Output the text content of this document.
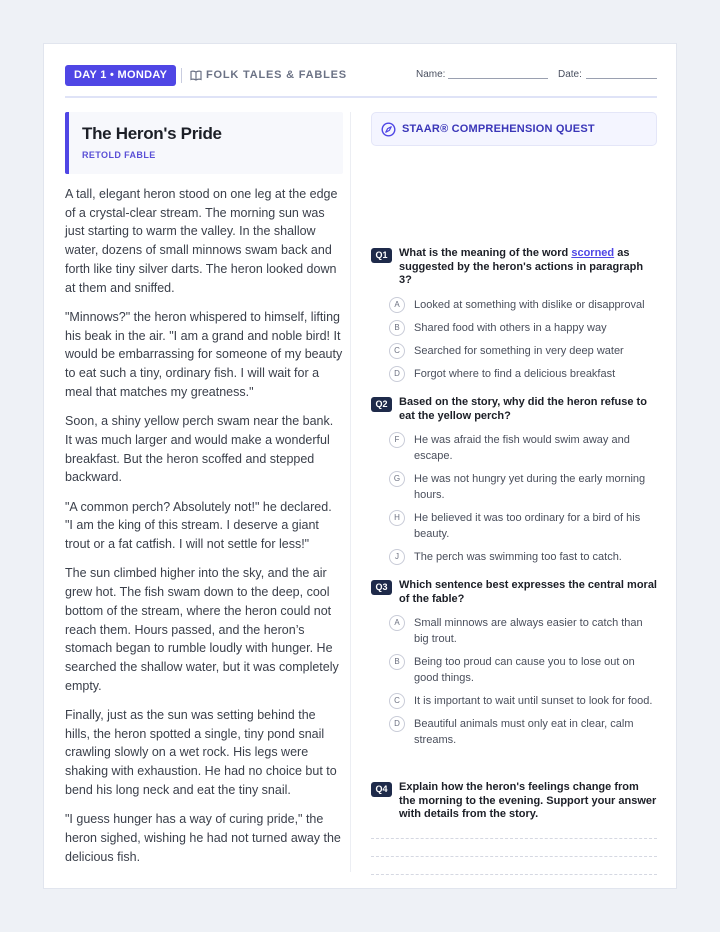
DAY 1 • MONDAY	FOLK TALES & FABLES	Name:	Date:
The Heron's Pride
RETOLD FABLE

A tall, elegant heron stood on one leg at the edge of a crystal-clear stream. The morning sun was just starting to warm the valley. In the shallow water, dozens of small minnows swam back and forth like tiny silver darts. The heron looked down at them and sniffed.

"Minnows?" the heron whispered to himself, lifting his beak in the air. "I am a grand and noble bird! It would be embarrassing for someone of my beauty to eat such a tiny, ordinary fish. I will wait for a meal that matches my greatness."

Soon, a shiny yellow perch swam near the bank. It was much larger and would make a wonderful breakfast. But the heron scoffed and stepped backward.

"A common perch? Absolutely not!" he declared. "I am the king of this stream. I deserve a giant trout or a fat catfish. I will not settle for less!"

The sun climbed higher into the sky, and the air grew hot. The fish swam down to the deep, cool bottom of the stream, where the heron could not reach them. Hours passed, and the heron’s stomach began to rumble loudly with hunger. He searched the shallow water, but it was completely empty.

Finally, just as the sun was setting behind the hills, the heron spotted a single, tiny pond snail crawling slowly on a wet rock. His legs were shaking with exhaustion. He had no choice but to bend his long neck and eat the tiny snail.

"I guess hunger has a way of curing pride," the heron sighed, wishing he had not turned away the delicious fish.

STAAR® COMPREHENSION QUEST
Q1	What is the meaning of the word scorned as suggested by the heron's actions in paragraph 3?
A	Looked at something with dislike or disapproval
B	Shared food with others in a happy way
C	Searched for something in very deep water
D	Forgot where to find a delicious breakfast
Q2	Based on the story, why did the heron refuse to eat the yellow perch?
F	He was afraid the fish would swim away and escape.
G	He was not hungry yet during the early morning hours.
H	He believed it was too ordinary for a bird of his beauty.
J	The perch was swimming too fast to catch.
Q3	Which sentence best expresses the central moral of the fable?
A	Small minnows are always easier to catch than big trout.
B	Being too proud can cause you to lose out on good things.
C	It is important to wait until sunset to look for food.
D	Beautiful animals must only eat in clear, calm streams.
Q4	Explain how the heron's feelings change from the morning to the evening. Support your answer with details from the story.
